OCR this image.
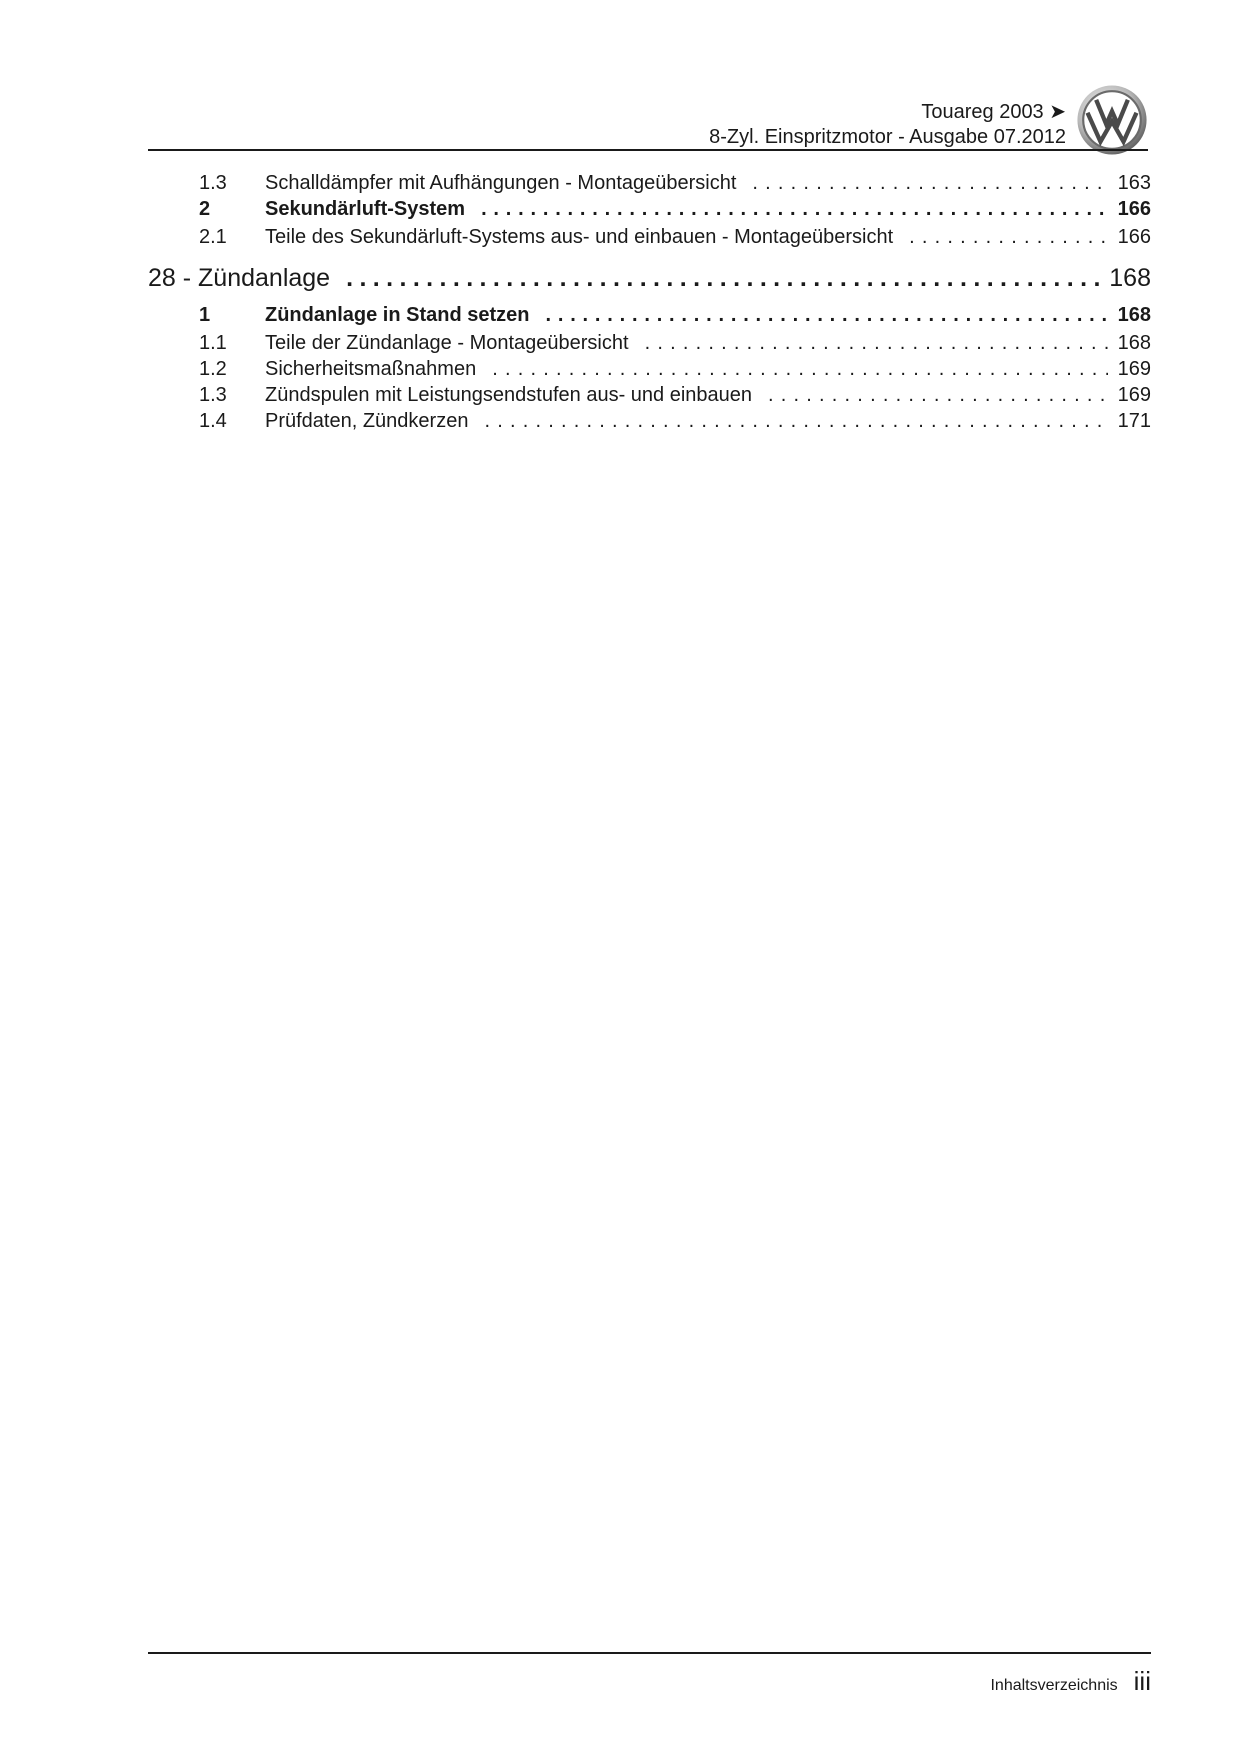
Touareg 2003 ➤
8-Zyl. Einspritzmotor - Ausgabe 07.2012
1.3	Schalldämpfer mit Aufhängungen - Montageübersicht .....	163
2	Sekundärluft-System .....	166
2.1	Teile des Sekundärluft-Systems aus- und einbauen - Montageübersicht .....	166
28 - Zündanlage .....	168
1	Zündanlage in Stand setzen .....	168
1.1	Teile der Zündanlage - Montageübersicht .....	168
1.2	Sicherheitsmaßnahmen .....	169
1.3	Zündspulen mit Leistungsendstufen aus- und einbauen .....	169
1.4	Prüfdaten, Zündkerzen .....	171
Inhaltsverzeichnis iii
